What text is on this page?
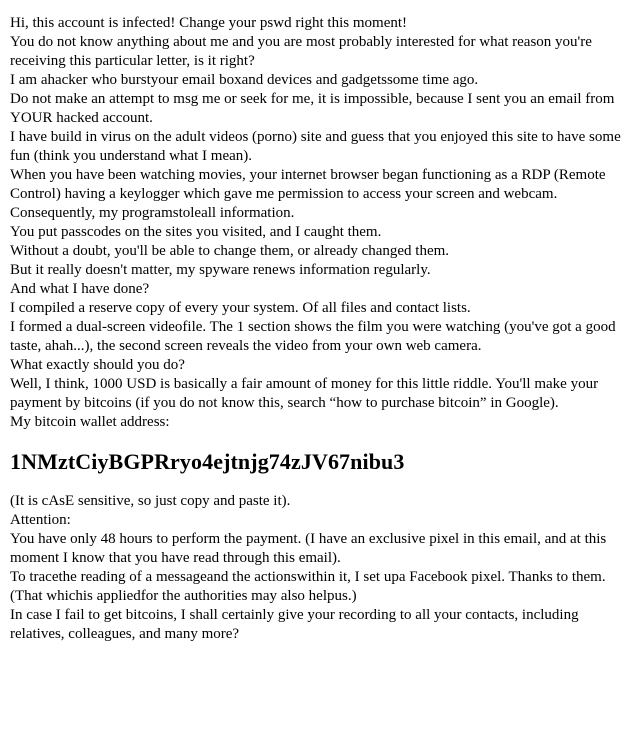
Hi, this account is infected! Change your pswd right this moment!

You do not know anything about me and you are most probably interested for what reason you're receiving this particular letter, is it right?

I am ahacker who burstyour email boxand devices and gadgetssome time ago.

Do not make an attempt to msg me or seek for me, it is impossible, because I sent you an email from YOUR hacked account.

I have build in virus on the adult videos (porno) site and guess that you enjoyed this site to have some fun (think you understand what I mean).

When you have been watching movies, your internet browser began functioning as a RDP (Remote Control) having a keylogger which gave me permission to access your screen and webcam.

Consequently, my programstoleall information.

You put passcodes on the sites you visited, and I caught them.

Without a doubt, you'll be able to change them, or already changed them.

But it really doesn't matter, my spyware renews information regularly.

And what I have done?

I compiled a reserve copy of every your system. Of all files and contact lists.

I formed a dual-screen videofile. The 1 section shows the film you were watching (you've got a good taste, ahah...), the second screen reveals the video from your own web camera.

What exactly should you do?

Well, I think, 1000 USD is basically a fair amount of money for this little riddle. You'll make your payment by bitcoins (if you do not know this, search “how to purchase bitcoin” in Google).

My bitcoin wallet address:

1NMztCiyBGPRryo4ejtnjg74zJV67nibu3

(It is cAsE sensitive, so just copy and paste it).

Attention:

You have only 48 hours to perform the payment. (I have an exclusive pixel in this email, and at this moment I know that you have read through this email).

To tracethe reading of a messageand the actionswithin it, I set upa Facebook pixel. Thanks to them. (That whichis appliedfor the authorities may also helpus.)

In case I fail to get bitcoins, I shall certainly give your recording to all your contacts, including relatives, colleagues, and many more?
